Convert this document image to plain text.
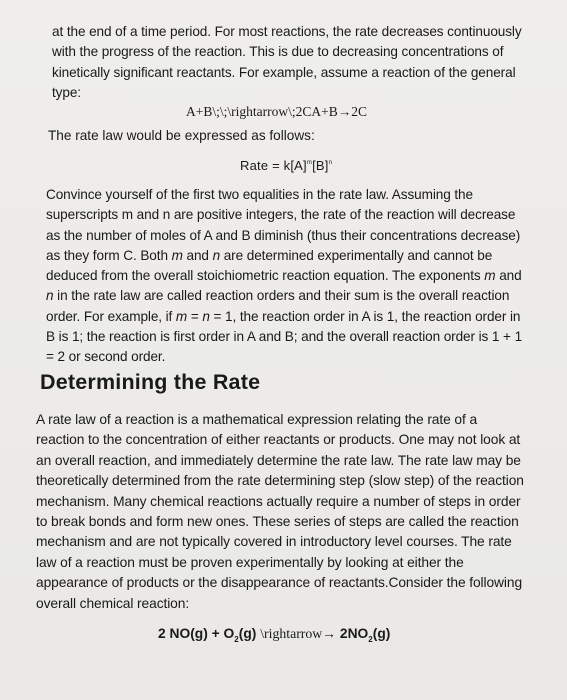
at the end of a time period. For most reactions, the rate decreases continuously with the progress of the reaction. This is due to decreasing concentrations of kinetically significant reactants. For example, assume a reaction of the general type:

A+B\;\;\rightarrow\;2CA+B→2C
The rate law would be expressed as follows:
Rate = $k[A]^m[B]^n$

Convince yourself of the first two equalities in the rate law. Assuming the superscripts m and n are positive integers, the rate of the reaction will decrease as the number of moles of A and B diminish (thus their concentrations decrease) as they form C. Both m and n are determined experimentally and cannot be deduced from the overall stoichiometric reaction equation. The exponents m and n in the rate law are called reaction orders and their sum is the overall reaction order. For example, if m = n = 1, the reaction order in A is 1, the reaction order in B is 1; the reaction is first order in A and B; and the overall reaction order is 1 + 1 = 2 or second order.

Determining the Rate

A rate law of a reaction is a mathematical expression relating the rate of a reaction to the concentration of either reactants or products. One may not look at an overall reaction, and immediately determine the rate law. The rate law may be theoretically determined from the rate determining step (slow step) of the reaction mechanism. Many chemical reactions actually require a number of steps in order to break bonds and form new ones. These series of steps are called the reaction mechanism and are not typically covered in introductory level courses. The rate law of a reaction must be proven experimentally by looking at either the appearance of products or the disappearance of reactants.Consider the following overall chemical reaction:

2 $NO(g) + O_2(g)$ \rightarrow→ $2NO_2(g)$
